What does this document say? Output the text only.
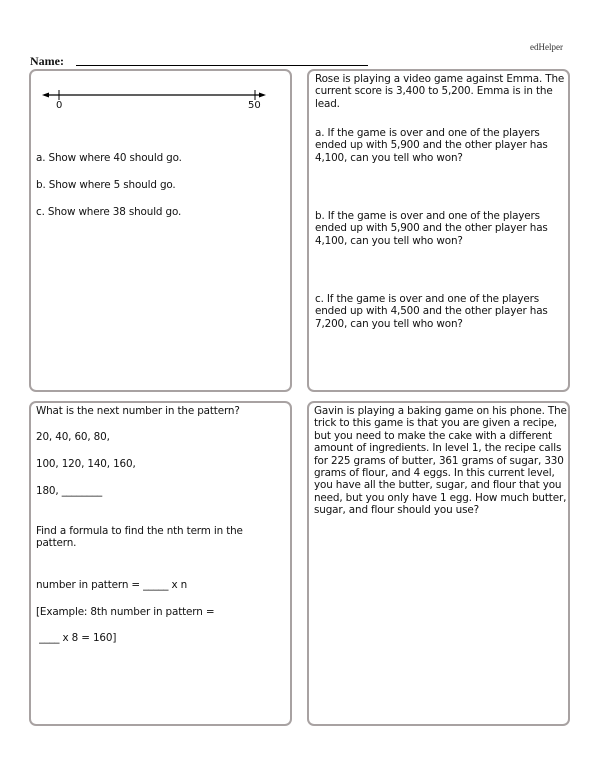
edHelper
Name:
0	50

a. Show where 40 should go.

b. Show where 5 should go.

c. Show where 38 should go.

Rose is playing a video game against Emma. The current score is 3,400 to 5,200. Emma is in the lead.

a. If the game is over and one of the players ended up with 5,900 and the other player has 4,100, can you tell who won?

b. If the game is over and one of the players ended up with 5,900 and the other player has 4,100, can you tell who won?

c. If the game is over and one of the players ended up with 4,500 and the other player has 7,200, can you tell who won?

What is the next number in the pattern?

20, 40, 60, 80,

100, 120, 140, 160,

180, ________

Find a formula to find the nth term in the pattern.

number in pattern = _____ x n

[Example: 8th number in pattern =

____ x 8 = 160]

Gavin is playing a baking game on his phone. The trick to this game is that you are given a recipe, but you need to make the cake with a different amount of ingredients. In level 1, the recipe calls for 225 grams of butter, 361 grams of sugar, 330 grams of flour, and 4 eggs. In this current level, you have all the butter, sugar, and flour that you need, but you only have 1 egg. How much butter, sugar, and flour should you use?
